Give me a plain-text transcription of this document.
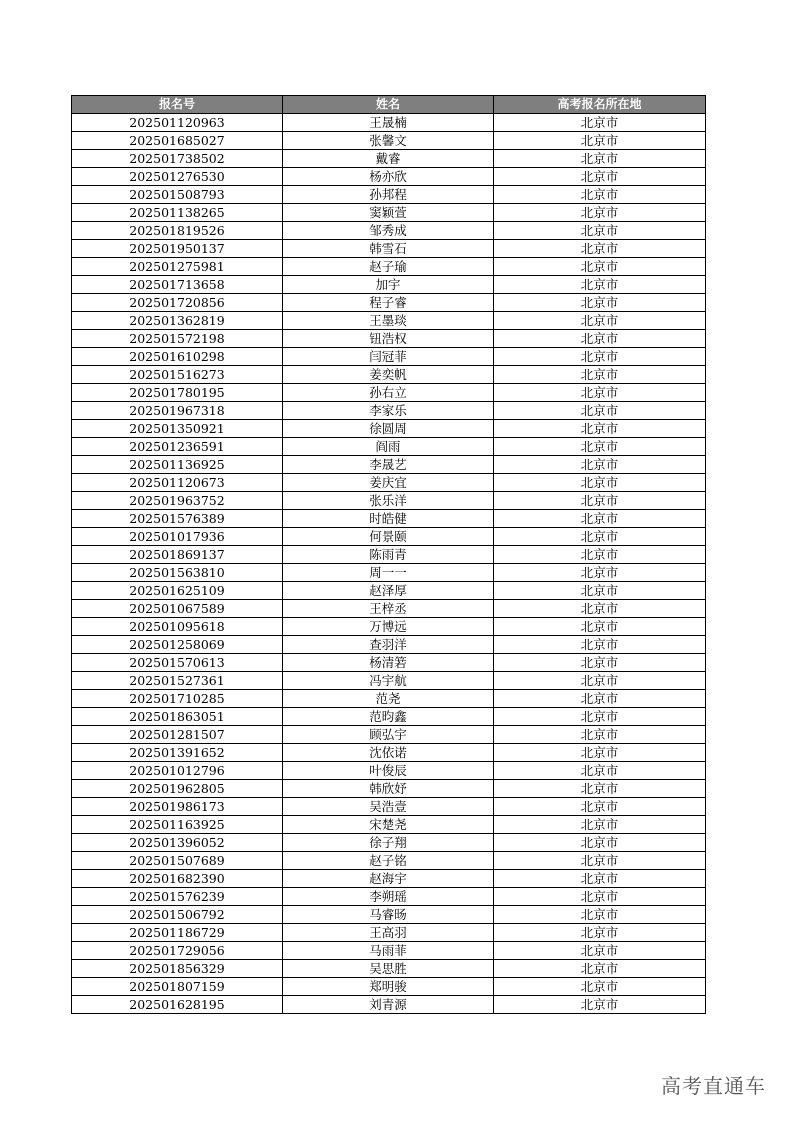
报名号	姓名	高考报名所在地
202501120963	王晟楠	北京市
202501685027	张馨文	北京市
202501738502	戴睿	北京市
202501276530	杨亦欣	北京市
202501508793	孙邦程	北京市
202501138265	窦颖萱	北京市
202501819526	邹秀成	北京市
202501950137	韩雪石	北京市
202501275981	赵子瑜	北京市
202501713658	加宇	北京市
202501720856	程子睿	北京市
202501362819	王墨琰	北京市
202501572198	钮浩权	北京市
202501610298	闫冠菲	北京市
202501516273	姜奕帆	北京市
202501780195	孙右立	北京市
202501967318	李家乐	北京市
202501350921	徐圆周	北京市
202501236591	阎雨	北京市
202501136925	李晟艺	北京市
202501120673	姜庆宜	北京市
202501963752	张乐洋	北京市
202501576389	时皓健	北京市
202501017936	何景颐	北京市
202501869137	陈雨青	北京市
202501563810	周一一	北京市
202501625109	赵泽厚	北京市
202501067589	王梓丞	北京市
202501095618	万博远	北京市
202501258069	查羽洋	北京市
202501570613	杨清箬	北京市
202501527361	冯宇航	北京市
202501710285	范尧	北京市
202501863051	范昀鑫	北京市
202501281507	顾弘宇	北京市
202501391652	沈依诺	北京市
202501012796	叶俊辰	北京市
202501962805	韩欣妤	北京市
202501986173	吴浩壹	北京市
202501163925	宋楚尧	北京市
202501396052	徐子翔	北京市
202501507689	赵子铭	北京市
202501682390	赵海宇	北京市
202501576239	李朔瑶	北京市
202501506792	马睿旸	北京市
202501186729	王高羽	北京市
202501729056	马雨菲	北京市
202501856329	吴思胜	北京市
202501807159	郑明骏	北京市
202501628195	刘青源	北京市
高考直通车
